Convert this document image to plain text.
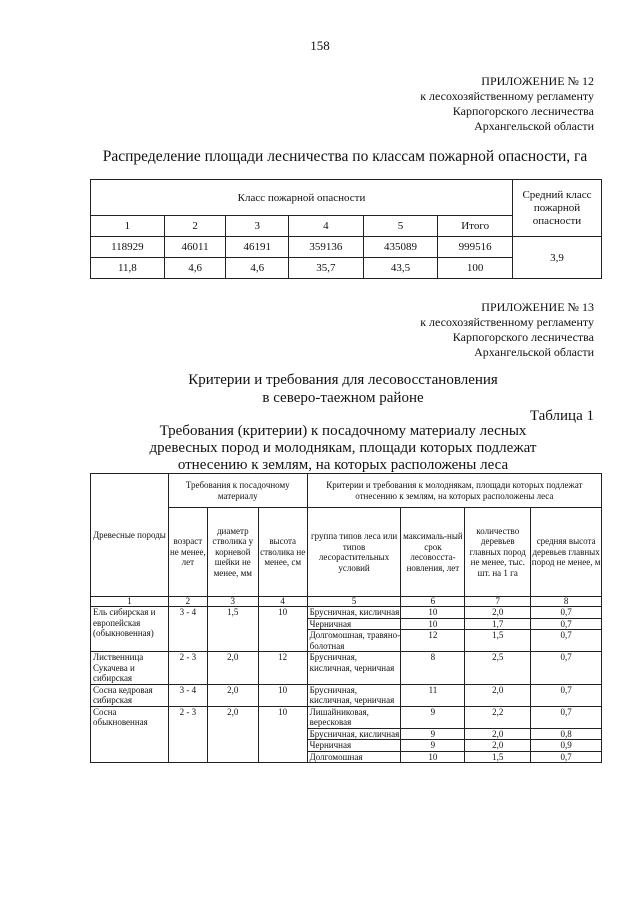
158
ПРИЛОЖЕНИЕ № 12
к лесохозяйственному регламенту
Карпогорского лесничества
Архангельской области
Распределение площади лесничества по классам пожарной опасности, га
Класс пожарной опасности						Средний класс пожарной опасности
1	2	3	4	5	Итого	
118929	46011	46191	359136	435089	999516	3,9
11,8	4,6	4,6	35,7	43,5	100	
ПРИЛОЖЕНИЕ № 13
к лесохозяйственному регламенту
Карпогорского лесничества
Архангельской области
Критерии и требования для лесовосстановления
в северо-таежном районе
Таблица 1
Требования (критерии) к посадочному материалу лесных
древесных пород и молоднякам, площади которых подлежат
отнесению к землям, на которых расположены леса
Древесные породы	Требования к посадочному материалу			Критерии и требования к молоднякам, площади которых подлежат отнесению к землям, на которых расположены леса			
	возраст не менее, лет	диаметр стволика у корневой шейки не менее, мм	высота стволика не менее, см	группа типов леса или типов лесорастительных условий	максималь-ный срок лесовосста-новления, лет	количество деревьев главных пород не менее, тыс. шт. на 1 га	средняя высота деревьев главных пород не менее, м
1	2	3	4	5	6	7	8
Ель сибирская и европейская (обыкновенная)	3 - 4	1,5	10	Брусничная, кисличная	10	2,0	0,7
				Черничная	10	1,7	0,7
				Долгомошная, травяно-болотная	12	1,5	0,7
Лиственница Сукачева и сибирская	2 - 3	2,0	12	Брусничная, кисличная, черничная	8	2,5	0,7
Сосна кедровая сибирская	3 - 4	2,0	10	Брусничная, кисличная, черничная	11	2,0	0,7
Сосна обыкновенная	2 - 3	2,0	10	Лишайниковая, вересковая	9	2,2	0,7
				Брусничная, кисличная	9	2,0	0,8
				Черничная	9	2,0	0,9
				Долгомошная	10	1,5	0,7
